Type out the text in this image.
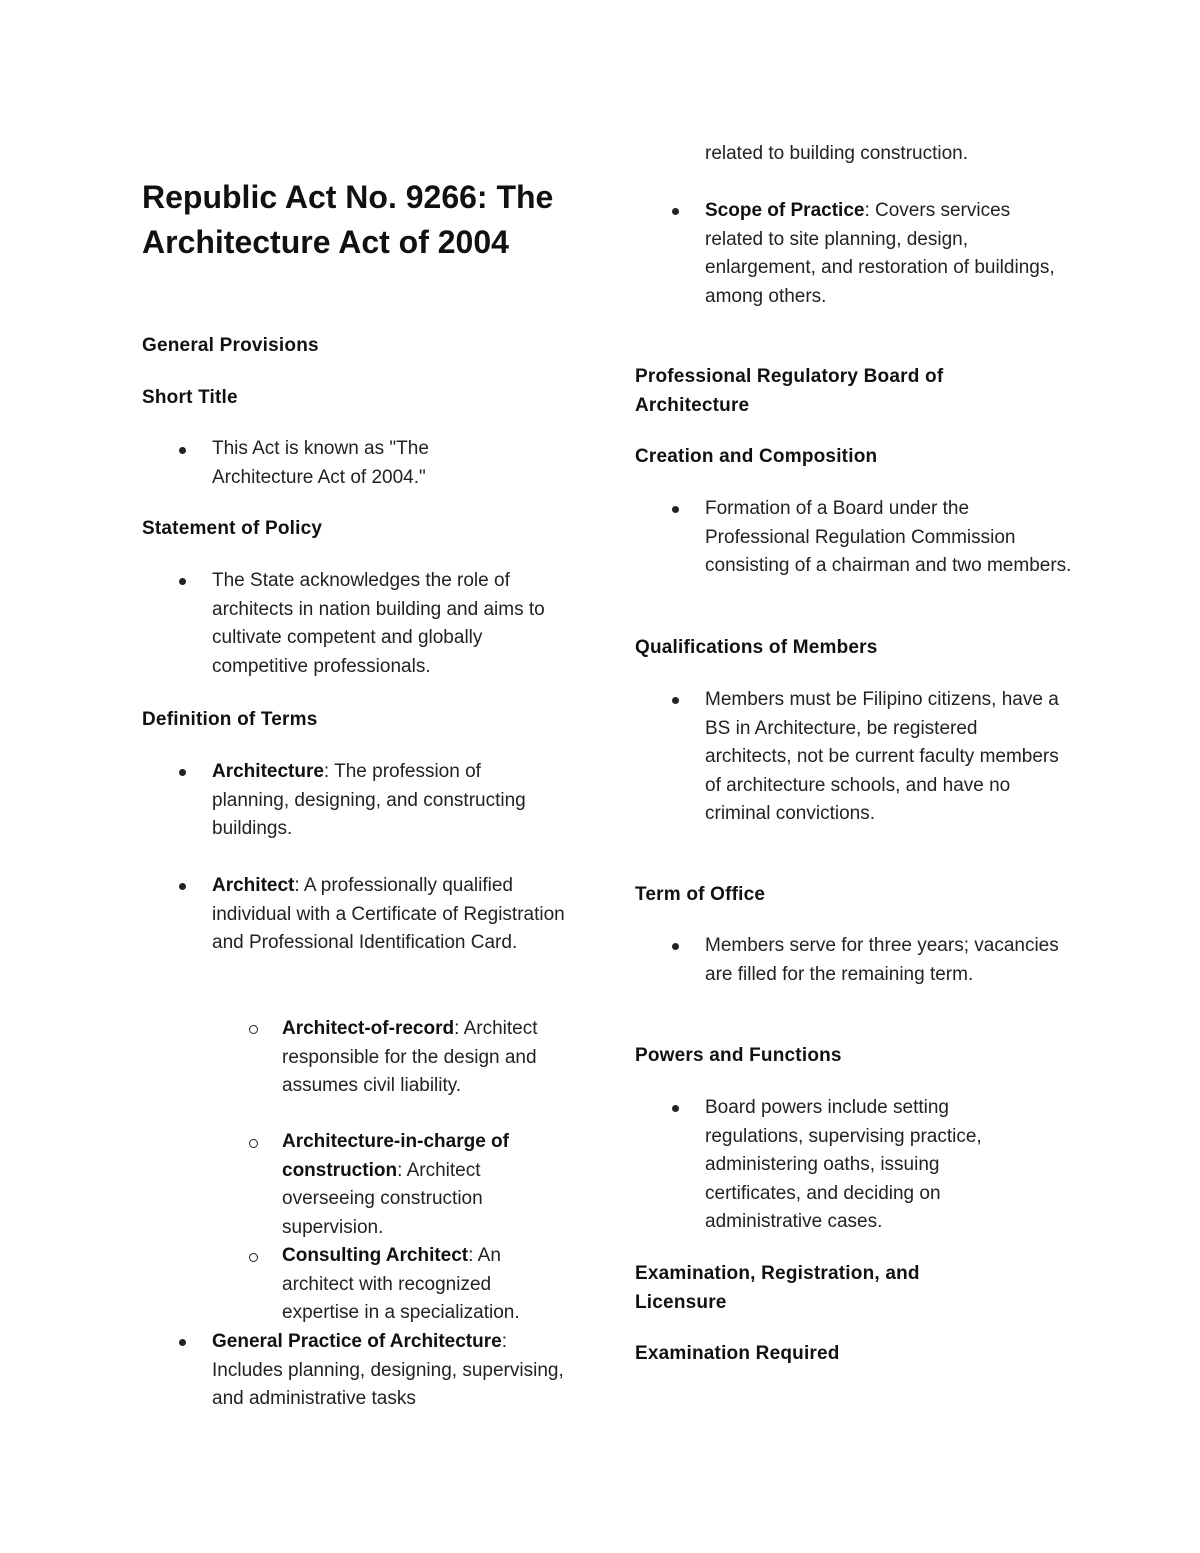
Republic Act No. 9266: The Architecture Act of 2004
General Provisions
Short Title

This Act is known as "The Architecture Act of 2004."

Statement of Policy

The State acknowledges the role of architects in nation building and aims to cultivate competent and globally competitive professionals.

Definition of Terms

Architecture: The profession of planning, designing, and constructing buildings.

Architect: A professionally qualified individual with a Certificate of Registration and Professional Identification Card.

Architect-of-record: Architect responsible for the design and assumes civil liability.

Architecture-in-charge of construction: Architect overseeing construction supervision.

Consulting Architect: An architect with recognized expertise in a specialization.

General Practice of Architecture: Includes planning, designing, supervising, and administrative tasks

related to building construction.

Scope of Practice: Covers services related to site planning, design, enlargement, and restoration of buildings, among others.

Professional Regulatory Board of Architecture
Creation and Composition

Formation of a Board under the Professional Regulation Commission consisting of a chairman and two members.

Qualifications of Members

Members must be Filipino citizens, have a BS in Architecture, be registered architects, not be current faculty members of architecture schools, and have no criminal convictions.

Term of Office

Members serve for three years; vacancies are filled for the remaining term.

Powers and Functions

Board powers include setting regulations, supervising practice, administering oaths, issuing certificates, and deciding on administrative cases.

Examination, Registration, and Licensure
Examination Required
